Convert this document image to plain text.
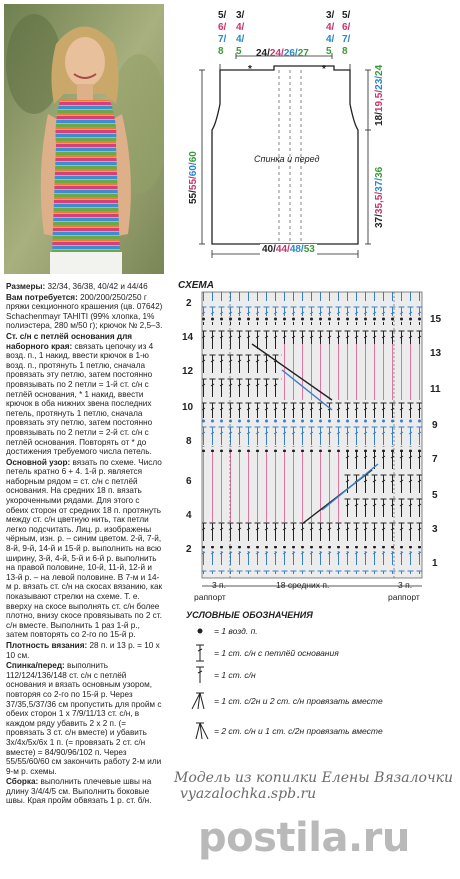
5/
6/
7/
8
3/
4/
4/
5
3/
4/
4/
5
5/
6/
7/
8
24/24/26/27
*	*
18/19,5/23/24
37/35,5/37/36
55/55/60/60	Спинка и перед
40/44/48/53

Размеры: 32/34, 36/38, 40/42 и 44/46

Вам потребуется: 200/200/250/250 г пряжи секционного крашения (цв. 07642) Schachenmayr TAHITI (99% хлопка, 1% полиэстера, 280 м/50 г); крючок № 2,5–3.

Ст. с/н с петлёй основания для наборного края: связать цепочку из 4 возд. п., 1 накид, ввести крючок в 1-ю возд. п., протянуть 1 петлю, сначала провязать эту петлю, затем постоянно провязывать по 2 петли = 1-й ст. с/н с петлёй основания, * 1 накид, ввести крючок в оба нижних звена последних петель, протянуть 1 петлю, сначала провязать эту петлю, затем постоянно провязывать по 2 петли = 2-й ст. с/н с петлёй основания. Повторять от * до достижения требуемого числа петель.

Основной узор: вязать по схеме. Число петель кратно 6 + 4. 1-й р. является наборным рядом = ст. с/н с петлёй основания. На средних 18 п. вязать укороченными рядами. Для этого с обеих сторон от средних 18 п. протянуть между ст. с/н цветную нить, так петли легко подсчитать. Лиц. р. изображены чёрным, изн. р. – синим цветом. 2-й, 7-й, 8-й, 9-й, 14-й и 15-й р. выполнить на всю ширину, 3-й, 4-й, 5-й и 6-й р. выполнить на правой половине, 10-й, 11-й, 12-й и 13-й р. – на левой половине. В 7-м и 14-м р. вязать ст. с/н на скосах вязанию, как показывают стрелки на схеме. Т. е. вверху на скосе выполнять ст. с/н более плотно, внизу скосе провязывать по 2 ст. с/н вместе. Выполнить 1 раз 1-й р., затем повторять со 2-го по 15-й р.

Плотность вязания: 28 п. и 13 р. = 10 х 10 см.

Спинка/перед: выполнить 112/124/136/148 ст. с/н с петлёй основания и вязать основным узором, повторяя со 2-го по 15-й р. Через 37/35,5/37/36 см пропустить для пройм с обеих сторон 1 х 7/9/11/13 ст. с/н, в каждом ряду убавить 2 х 2 п. (= провязать 3 ст. с/н вместе) и убавить 3х/4х/5х/6х 1 п. (= провязать 2 ст. с/н вместе) = 84/90/96/102 п. Через 55/55/60/60 см закончить работу 2-м или 9-м р. схемы.

Сборка: выполнить плечевые швы на длину 3/4/4/5 см. Выполнить боковые швы. Края пройм обвязать 1 р. ст. б/н.

СХЕМА
2
14
12
10
8
6
4
2
15
13
11
9
7
5
3
1
3 п.
раппорт
18 средних п.	3 п.
раппорт
УСЛОВНЫЕ ОБОЗНАЧЕНИЯ
= 1 возд. п.
= 1 ст. с/н с петлёй основания
= 1 ст. с/н
= 1 ст. с/2н и 2 ст. с/н провязать вместе
= 2 ст. с/н и 1 ст. с/2н провязать вместе
Модель из копилки Елены Вязалочки
vyazalochka.spb.ru
postila.ru
